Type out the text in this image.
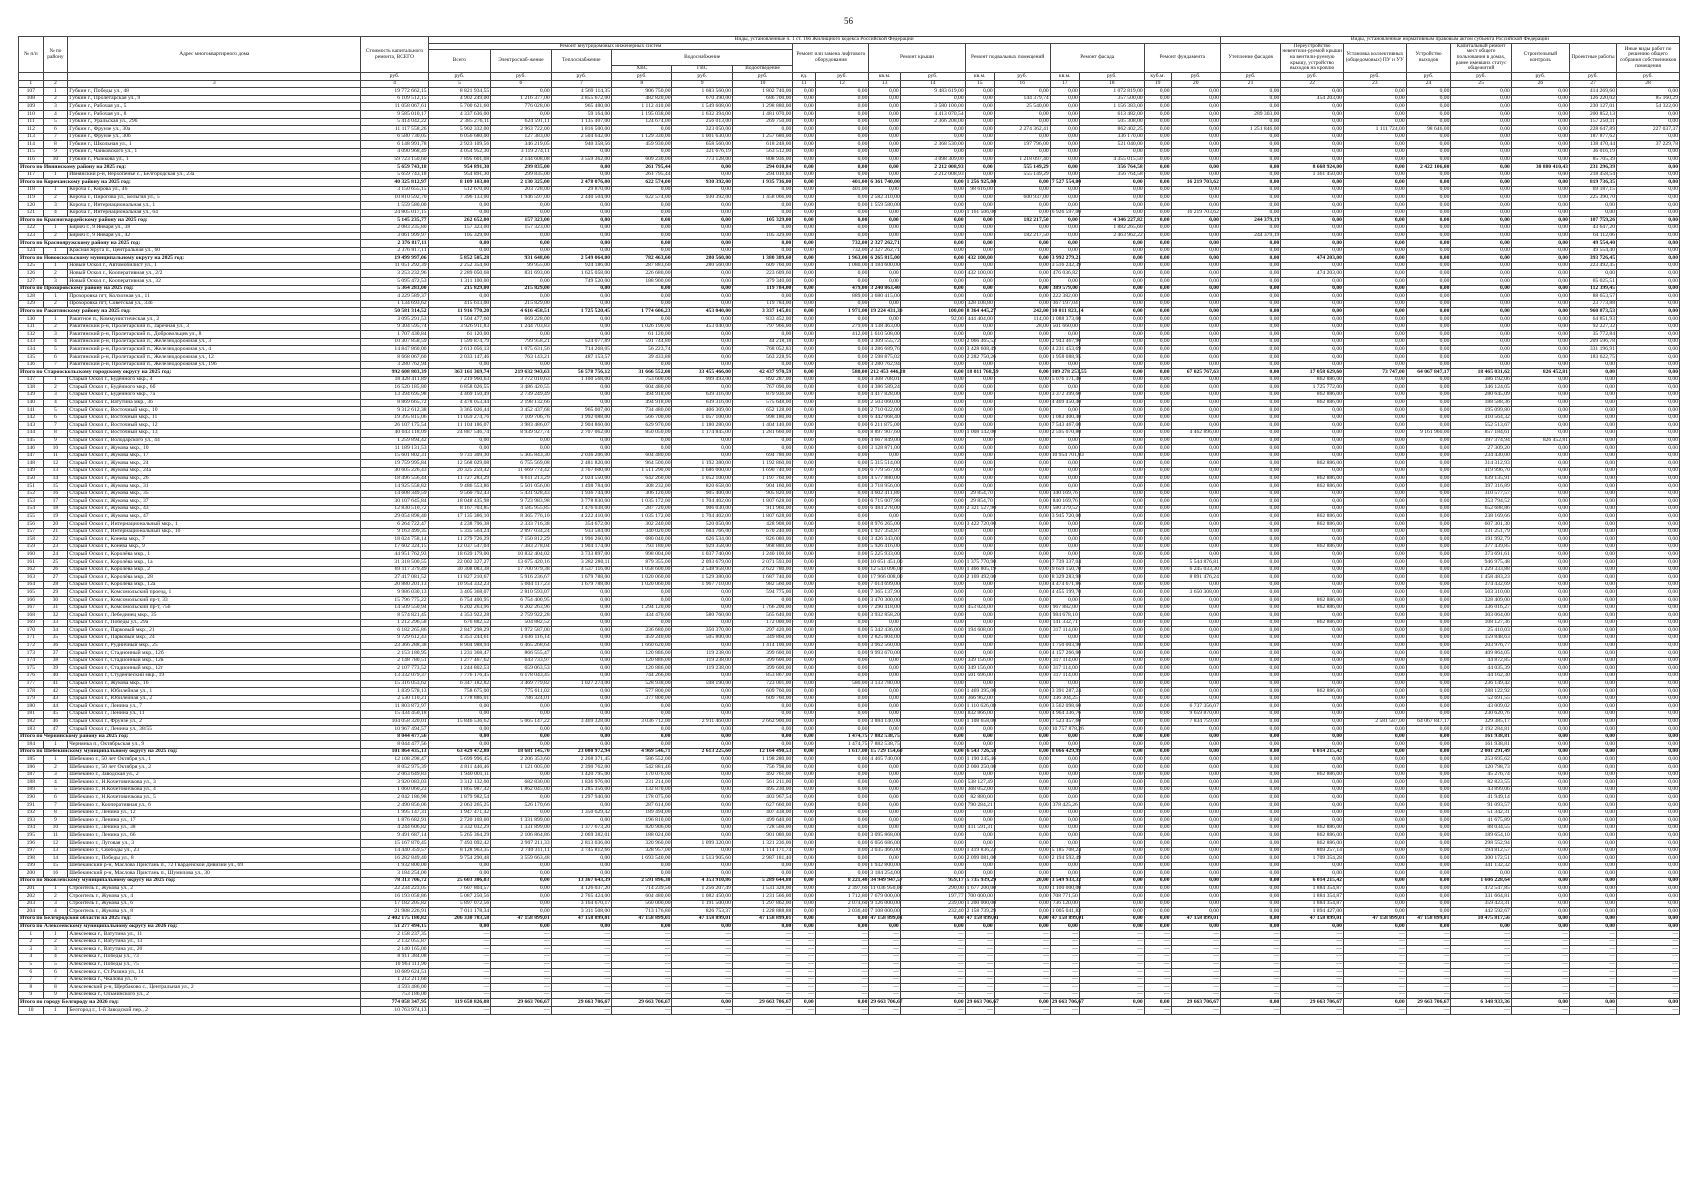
56
№ п/п	№ по району	Адрес многоквартирного дома	Стоимость капитального ремонта, ВСЕГО	Виды, установленные ч. 1 ст. 166 Жилищного кодекса Российской Федерации																Виды, установленные нормативным правовым актом субъекта Российской Федерации							
				Ремонт внутридомовых инженерных систем						Ремонт или замена лифтового оборудования		Ремонт крыши		Ремонт подвальных помещений		Ремонт фасада		Ремонт фундамента		Утепление фасадов	Переустройство невентили-руемой крыши на вентили-руемую крышу, устройство выходов на кровлю	Установка коллективных (общедомовых) ПУ и УУ	Устройство выходов	Капитальный ремонт мест общего пользования в домах, ранее имевших статус общежитий	Строительный контроль	Проектные работы	Иные виды работ по решению общего собрания собственников помещения
				Всего	Электроснаб-жение	Теплоснабжение	Водоснабжение																				
							ХВС	ГВС	Водоотведение																		
			руб.	руб.	руб.	руб.	руб.	руб.	руб.	ед.	руб.	кв.м.	руб.	кв.м.	руб.	кв.м.	руб.	куб.м.	руб.	руб.	руб.	руб.	руб.	руб.	руб.	руб.	руб.
1	2	3	4	5	6	7	8	9	10	11	12	13	14	15	16	17	18	19	20	21	22	23	24	25	26	27	28
107	1	Губкин г., Победы ул., 48	19 772 662,15	8 821 934,55	0,00	4 569 114,35	906 750,00	1 683 560,00	1 802 740,00	0,00	0,00	0,00	9 483 619,00	0,00	0,00	0,00	1 072 819,00	0,00	0,00	0,00	0,00	0,00	0,00	0,00	0,00	414 269,60	0,00
108	2	Губкин г., Пролетарская ул., 9	6 109 512,15	4 902 249,00	1 216 377,00	3 855 672,00	482 820,00	670 390,00	686 700,00	0,00	0,00	0,00	0,00	0,00	144 379,74	0,00	357 500,00	0,00	0,00	0,00	454 203,00	0,00	0,00	0,00	0,00	126 220,02	85 160,29
109	3	Губкин г., Рабочая ул., 5	11 058 067,61	5 700 621,60	776 028,00	965 480,00	1 112 410,00	1 549 608,00	1 298 880,00	0,00	0,00	0,00	3 580 100,00	0,00	25 540,00	0,00	1 156 383,00	0,00	0,00	0,00	0,00	0,00	0,00	0,00	0,00	230 127,01	54 322,00
110	4	Губкин г., Рабочая ул., 8	9 585 010,17	4 337 636,00	0,00	59 164,00	1 195 038,00	1 632 394,00	1 481 070,00	0,00	0,00	0,00	4 413 070,54	0,00	0,00	0,00	613 482,00	0,00	0,00	289 303,00	0,00	0,00	0,00	0,00	0,00	200 852,13	0,00
111	5	Губкин г., Уральская ул., 29б	5 414 042,22	2 385 276,11	624 591,11	1 135 407,00	124 674,00	256 013,00	269 750,00	0,00	0,00	0,00	2 366 208,00	0,00	0,00	0,00	505 308,00	0,00	0,00	0,00	0,00	0,00	0,00	0,00	0,00	157 250,11	0,00
112	6	Губкин г., Фрунзе ул., 30а	11 117 558,26	5 902 332,00	2 963 722,00	1 816 500,00	0,00	323 050,00	0,00	0,00	0,00	0,00	0,00	0,00	2 274 362,41	0,00	862 402,25	0,00	0,00	1 251 846,00	0,00	1 111 724,00	98 646,00	0,00	0,00	228 647,89	227 037,37
113	7	Губкин г., Фрунзе ул., 30б	6 580 730,05	6 056 680,00	127 383,00	2 504 642,00	1 129 330,00	1 001 630,00	1 257 680,00	0,00	0,00	0,00	0,00	0,00	0,00	0,00	336 170,00	0,00	0,00	0,00	0,00	0,00	0,00	0,00	0,00	187 877,62	0,00
114	8	Губкин г., Школьная ул., 1	6 148 991,78	2 923 109,56	346 219,05	940 358,56	459 930,00	658 560,00	618 248,00	0,00	0,00	0,00	2 368 530,00	0,00	197 796,00	0,00	521 040,00	0,00	0,00	0,00	0,00	0,00	0,00	0,00	0,00	138 470,44	37 229,78
115	9	Губкин г., Чайковского ул., 1	4 090 968,49	4 054 952,30	3 119 274,11	0,00	0,00	321 676,19	563 512,00	0,00	0,00	0,00	0,00	0,00	0,00	0,00	0,00	0,00	0,00	0,00	0,00	0,00	0,00	0,00	0,00	36 016,19	0,00
116	10	Губкин г., Рыжкова ул., 1	59 723 150,60	7 895 601,08	2 144 608,08	3 559 362,00	609 230,00	773 128,00	808 936,00	0,00	0,00	0,00	3 098 309,00	0,00	1 218 097,40	0,00	4 355 015,50	0,00	0,00	0,00	0,00	0,00	0,00	0,00	0,00	85 705,39	0,00
Итого по Ивнянскому району на 2025 год:			5 659 743,18	954 891,30	299 835,00	0,00	261 795,44	0,00	294 010,84	0,00	0,00	0,00	2 212 008,93	0,00	555 149,29	0,00	356 764,58	0,00	0,00	0,00	8 668 924,00	0,00	2 422 106,00	0,00	30 880 410,43	231 296,39	0,00
117	1	Ивнянский р-н, Верхопенье с., Белгородская ул., 23а	5 659 743,18	954 891,30	299 835,00	0,00	261 795,44	0,00	294 010,84	0,00	0,00	0,00	2 212 008,93	0,00	555 149,29	0,00	356 764,58	0,00	0,00	0,00	1 361 450,00	0,00	0,00	0,00	0,00	218 458,54	0,00
Итого по Корочанскому району на 2025 год:			40 325 812,97	8 109 103,00	2 130 325,00	2 478 076,00	622 574,00	930 392,00	1 935 736,00	0,00	401,00	6 361 740,00	0,00	1 256 925,00	0,00	7 527 554,00	0,00	0,00	16 219 703,62	0,00	0,00	0,00	0,00	0,00	0,00	819 736,35	0,00
118	1	Короча г., Кирова ул., 46	3 150 655,15	512 670,00	203 728,00	29 870,00	0,00	0,00	0,00	0,00	401,00	0,00	0,00	98 616,00	0,00	0,00	0,00	0,00	0,00	0,00	0,00	0,00	0,00	0,00	0,00	69 187,15	0,00
119	2	Короча г., Пирогова ул., Бельгия ул., 5	10 810 592,70	7 396 133,00	1 946 597,00	2 440 504,00	622 574,00	930 392,00	1 458 066,00	0,00	0,00	2 582 310,00	0,00	0,00	600 937,00	0,00	0,00	0,00	0,00	0,00	0,00	0,00	0,00	0,00	0,00	225 390,70	0,00
120	3	Короча г., Интернациональная ул., 1	1 559 580,00	0,00	0,00	0,00	0,00	0,00	0,00	0,00	0,00	1 559 580,00	0,00	0,00	0,00	0,00	0,00	0,00	0,00	0,00	0,00	0,00	0,00	0,00	0,00	0,00	0,00
121	4	Короча г., Интернациональная ул., 64	24 805 017,15	0,00	0,00	0,00	0,00	0,00	0,00	0,00	0,00	0,00	0,00	1 161 506,00	0,00	6 926 597,00	0,00	0,00	16 219 703,62	0,00	0,00	0,00	0,00	0,00	0,00	0,00	0,00
Итого по Красногвардейскому району на 2025 год:			5 145 235,77	262 652,00	157 323,00	0,00	0,00	0,00	105 329,00	0,00	0,00	0,00	0,00	0,00	182 217,50	0,00	4 346 227,82	0,00	0,00	244 379,19	0,00	0,00	0,00	0,00	0,00	107 759,26	0,00
122	1	Бирюч г., 9 Января ул., 38	2 083 235,80	157 323,00	157 323,00	0,00	0,00	0,00	0,00	0,00	0,00	0,00	0,00	0,00	0,00	0,00	1 882 265,60	0,00	0,00	0,00	0,00	0,00	0,00	0,00	0,00	43 647,20	0,00
123	2	Бирюч г., 9 Января ул., 42	3 061 999,97	105 329,00	0,00	0,00	0,00	0,00	105 329,00	0,00	0,00	0,00	0,00	0,00	182 217,50	0,00	2 463 962,22	0,00	0,00	244 379,19	0,00	0,00	0,00	0,00	0,00	64 112,06	0,00
Итого по Краснояружскому району на 2025 год:			2 376 817,11	0,00	0,00	0,00	0,00	0,00	0,00	0,00	732,00	2 327 262,71	0,00	0,00	0,00	0,00	0,00	0,00	0,00	0,00	0,00	0,00	0,00	0,00	0,00	49 554,40	0,00
124	1	Красная Яруга п., Центральная ул., 60	2 376 817,11	0,00	0,00	0,00	0,00	0,00	0,00	0,00	732,00	2 327 262,71	0,00	0,00	0,00	0,00	0,00	0,00	0,00	0,00	0,00	0,00	0,00	0,00	0,00	49 554,40	0,00
Итого по Новооскольскому муниципальному округу на 2025 год:			19 499 997,06	5 852 505,28	931 648,00	2 549 064,00	782 463,60	280 560,00	1 380 389,60	0,00	1 963,00	6 265 815,00	0,00	432 100,00	0,00	3 992 279,21	0,00	0,00	0,00	0,00	474 203,00	0,00	0,00	0,00	0,00	393 726,45	0,00
125	1	Новый Оскол г., Автомобилист ул., 1	11 051 292,39	2 252 354,60	99 955,00	924 186,00	287 883,60	280 560,00	609 760,00	0,00	1 080,00	4 184 600,00	0,00	0,00	0,00	3 516 242,39	0,00	0,00	0,00	0,00	0,00	0,00	0,00	0,00	0,00	223 492,45	0,00
126	2	Новый Оскол г., Кооперативная ул., 2/2	3 253 232,96	2 289 050,68	831 693,00	1 625 058,00	226 680,00	0,00	223 609,60	0,00	0,00	0,00	0,00	432 100,00	0,00	476 036,82	0,00	0,00	0,00	0,00	474 203,00	0,00	0,00	0,00	0,00	0,00	0,00
127	3	Новый Оскол г., Кооперативная ул., 32	5 095 472,53	1 311 100,00	0,00	749 520,00	188 900,00	0,00	379 340,00	0,00	0,00	0,00	0,00	0,00	0,00	0,00	0,00	0,00	0,00	0,00	0,00	0,00	0,00	0,00	0,00	65 025,51	0,00
Итого по Прохоровскому району на 2025 год:			5 364 283,00	215 829,00	215 829,00	0,00	0,00	0,00	119 784,00	0,00	479,00	3 240 863,40	0,00	0,00	0,00	389 579,00	0,00	0,00	0,00	0,00	0,00	0,00	0,00	0,00	0,00	112 399,45	0,00
128	1	Прохоровка пгт, Колхозная ул., 11	4 229 589,37	0,00	0,00	0,00	0,00	0,00	0,00	0,00	889,00	3 680 415,00	0,00	0,00	0,00	222 382,00	0,00	0,00	0,00	0,00	0,00	0,00	0,00	0,00	0,00	88 653,57	0,00
129	2	Прохоровка пгт, Советская ул., 33б	1 134 693,62	415 613,00	215 829,00	0,00	0,00	0,00	119 784,00	0,00	0,00	0,00	0,00	328 108,80	0,00	367 197,04	0,00	0,00	0,00	0,00	0,00	0,00	0,00	0,00	0,00	23 773,88	0,00
Итого по Ракитянскому району на 2025 год:			50 581 314,52	11 916 770,20	4 616 458,51	1 725 520,45	1 774 606,23	453 040,00	3 337 145,01	0,00	1 971,00	19 224 431,30	100,00	8 364 445,27	242,00	10 011 823,14	0,00	0,00	0,00	0,00	0,00	0,00	0,00	0,00	0,00	960 873,53	0,00
130	1	Ракитное п., Коммунистическая ул., 2	3 095 291,53	1 504 477,60	669 228,00	0,00	0,00	0,00	833 452,00	0,00	0,00	0,00	92,00	444 404,00	114,00	1 088 373,00	0,00	0,00	0,00	0,00	0,00	0,00	0,00	0,00	0,00	64 851,93	0,00
131	2	Ракитянский р-н, Пролетарский п., Заречная ул., 3	9 304 595,74	3 926 911,83	1 244 703,83	0,00	1 026 190,00	453 040,00	797 966,00	0,00	279,00	4 138 463,00	0,00	0,00	28,00	501 660,00	0,00	0,00	0,00	0,00	0,00	0,00	0,00	0,00	0,00	92 227,32	0,00
132	3	Ракитянский р-н, Пролетарский п., Добровольцев ул., 8	1 707 430,84	61 120,00	0,00	0,00	61 120,00	0,00	0,00	0,00	412,00	1 610 508,00	0,00	0,00	0,00	0,00	0,00	0,00	0,00	0,00	0,00	0,00	0,00	0,00	0,00	35 772,84	0,00
133	4	Ракитянский р-н, Пролетарский п., Железнодорожная ул., 3	10 307 858,59	1 599 874,79	799 958,21	524 077,89	591 744,80	0,00	44 218,18	0,00	0,00	3 309 555,72	0,00	2 066 465,52	0,00	2 943 467,90	0,00	0,00	0,00	0,00	0,00	0,00	0,00	0,00	0,00	209 596,78	0,00
134	5	Ракитянский р-н, Пролетарский п., Железнодорожная ул., 4	14 847 860,00	2 613 056,13	1 075 631,56	714 268,05	56 223,74	0,00	768 052,83	0,00	0,00	4 286 689,76	0,00	3 428 608,49	0,00	4 231 453,69	0,00	0,00	0,00	0,00	0,00	0,00	0,00	0,00	0,00	331 196,91	0,00
135	6	Ракитянский р-н, Пролетарский п., Железнодорожная ул., 12	8 668 067,60	2 033 147,46	763 143,21	487 153,57	39 433,88	0,00	563 228,95	0,00	0,00	2 598 875,02	0,00	2 282 750,26	0,00	1 958 088,95	0,00	0,00	0,00	0,00	0,00	0,00	0,00	0,00	0,00	183 622,75	0,00
136	7	Ракитянский р-н, Пролетарский п., Железнодорожная ул., 19б	3 280 762,94	0,00	0,00	0,00	0,00	0,00	0,00	0,00	0,00	3 280 762,94	0,00	0,00	0,00	0,00	0,00	0,00	0,00	0,00	0,00	0,00	0,00	0,00	0,00	0,00	0,00
Итого по Старооскольскому городскому округу на 2025 год:			992 608 803,39	363 161 369,74	219 632 943,63	56 578 756,12	31 666 552,00	33 455 466,00	42 437 970,59	0,00	580,00	212 453 446,20	0,00	18 011 768,59	0,00	109 278 253,55	0,00	0,00	67 025 767,63	0,00	17 058 629,60	73 747,00	64 067 847,17	18 465 031,62	826 452,81	0,00	0,00
137	1	Старый Оскол г., Будённого мкр., 4	18 428 411,89	7 219 960,63	3 772 010,63	1 100 568,00	753 600,00	999 493,00	892 287,00	0,00	0,00	4 308 708,01	0,00	0,00	0,00	5 076 171,40	0,00	0,00	0,00	0,00	862 886,00	0,00	0,00	386 192,06	0,00	0,00	0,00
138	2	Старый Оскол г., Будённого мкр., 6б	16 520 185,80	6 858 026,55	3 486 420,55	0,00	604 480,00	0,00	767 090,00	0,00	0,00	4 386 589,24	0,00	0,00	0,00	0,00	0,00	0,00	0,00	0,00	1 725 772,00	0,00	0,00	346 124,05	0,00	0,00	0,00
139	3	Старый Оскол г., Будённого мкр., 7а	13 394 695,98	4 469 150,49	2 739 249,49	0,00	494 918,00	639 316,00	879 936,00	0,00	0,00	4 417 828,00	0,00	0,00	0,00	3 372 399,60	0,00	0,00	0,00	0,00	862 886,00	0,00	0,00	280 645,09	0,00	0,00	0,00
140	4	Старый Оскол г., Ватутина мкр., 3б	8 869 665,72	4 478 053,44	2 198 132,66	0,00	494 918,00	639 316,00	575 648,00	0,00	0,00	2 503 060,00	0,00	0,00	0,00	4 469 450,40	0,00	0,00	0,00	0,00	862 886,00	0,00	0,00	188 588,36	0,00	0,00	0,00
141	5	Старый Оскол г., Восточный мкр., 10	9 312 612,38	3 365 026,44	3 452 437,68	965 007,00	734 480,00	406 309,00	652 128,00	0,00	0,00	2 710 022,00	0,00	0,00	0,00	0,00	0,00	0,00	0,00	0,00	0,00	0,00	0,00	195 099,80	0,00	0,00	0,00
142	6	Старый Оскол г., Восточный мкр., 11	19 395 815,06	11 059 274,76	7 109 706,76	1 992 088,00	566 700,00	1 057 100,00	998 180,00	0,00	0,00	6 442 068,40	0,00	0,00	0,00	1 083 400,40	0,00	0,00	0,00	0,00	0,00	0,00	0,00	410 564,32	0,00	0,00	0,00
143	7	Старый Оскол г., Восточный мкр., 12	26 107 175,54	11 104 186,07	3 983 486,07	2 904 860,00	629 970,00	1 180 280,00	1 404 140,00	0,00	0,00	6 211 875,00	0,00	0,00	0,00	7 543 467,00	0,00	0,00	0,00	0,00	0,00	0,00	0,00	552 513,67	0,00	0,00	0,00
144	8	Старый Оскол г., Восточный мкр., 13	40 043 118,09	24 887 546,74	8 939 927,74	2 707 062,00	850 050,00	1 174 845,00	1 281 660,00	0,00	0,00	8 897 907,60	0,00	1 008 142,00	0,00	2 595 070,80	0,00	0,00	4 462 896,00	0,00	0,00	0,00	9 161 960,00	857 184,61	0,00	0,00	0,00
145	9	Старый Оскол г., Володарского ул., 44	1 259 894,42	0,00	0,00	0,00	0,00	0,00	0,00	0,00	0,00	4 667 849,00	0,00	0,00	0,00	0,00	0,00	0,00	0,00	0,00	0,00	0,00	0,00	397 374,94	826 452,81	0,00	0,00
146	10	Старый Оскол г., Жукова мкр., 10	11 189 131,53	0,00	0,00	0,00	0,00	0,00	0,00	0,00	0,00	3 128 871,00	0,00	0,00	0,00	0,00	0,00	0,00	0,00	0,00	0,00	0,00	0,00	27 309,20	0,00	0,00	0,00
147	11	Старый Оскол г., Жукова мкр., 17	15 601 802,31	9 731 309,30	5 305 843,30	2 036 206,00	604 480,00	0,00	694 780,00	0,00	0,00	0,00	0,00	0,00	0,00	10 954 701,03	0,00	0,00	0,00	0,00	0,00	0,00	0,00	234 430,00	0,00	0,00	0,00
148	12	Старый Оскол г., Жукова мкр., 24	19 759 995,84	12 568 029,08	6 755 569,08	2 481 820,00	964 500,00	1 192 380,00	1 192 860,00	0,00	0,00	5 315 514,00	0,00	0,00	0,00	0,00	0,00	0,00	0,00	0,00	862 886,00	0,00	0,00	314 312,93	0,00	0,00	0,00
149	13	Старый Оскол г., Жукова мкр., 24а	30 605 226,43	20 325 259,42	11 669 774,42	3 767 600,00	1 511 290,00	1 686 000,00	1 690 740,00	0,00	0,00	6 779 567,00	0,00	0,00	0,00	0,00	0,00	0,00	0,00	0,00	0,00	0,00	0,00	419 996,70	0,00	0,00	0,00
150	14	Старый Оскол г., Жукова мкр., 26	18 496 556,44	11 727 283,29	6 611 213,29	2 024 550,00	642 260,00	1 052 100,00	1 197 760,00	0,00	0,00	4 577 880,00	0,00	0,00	0,00	0,00	0,00	0,00	0,00	0,00	862 886,00	0,00	0,00	639 135,91	0,00	0,00	0,00
151	15	Старый Оскол г., Жукова мкр., 31	14 925 558,82	9 486 553,86	5 501 056,00	1 498 784,00	308 232,00	820 658,00	904 160,00	0,00	0,00	3 718 956,00	0,00	0,00	0,00	0,00	0,00	0,00	0,00	0,00	862 886,00	0,00	0,00	397 316,89	0,00	0,00	0,00
152	16	Старый Оскол г., Жукова мкр., 35	14 608 349,59	9 560 792,43	5 431 928,43	1 936 744,00	306 120,00	905 400,00	905 820,00	0,00	0,00	4 602 411,80	0,00	29 854,70	0,00	340 169,76	0,00	0,00	0,00	0,00	0,00	0,00	0,00	310 577,57	0,00	0,00	0,00
153	17	Старый Оскол г., Жукова мкр., 37	30 107 645,84	18 048 435,98	9 723 983,98	3 778 830,00	1 035 172,00	1 704 402,00	1 807 628,00	0,00	0,00	6 715 007,98	0,00	29 854,70	0,00	840 169,76	0,00	0,00	0,00	0,00	0,00	0,00	0,00	353 794,52	0,00	0,00	0,00
154	18	Старый Оскол г., Жукова мкр., 43	12 830 510,72	8 167 703,85	4 585 955,85	1 476 038,00	287 720,00	906 030,00	911 960,00	0,00	0,00	6 484 278,00	0,00	2 321 527,90	0,00	580 379,52	0,00	0,00	0,00	0,00	0,00	0,00	0,00	652 688,86	0,00	0,00	0,00
155	19	Старый Оскол г., Жукова мкр., 47	29 054 898,40	17 135 386,10	8 365 776,10	4 222 410,00	1 035 172,00	1 704 402,00	1 807 628,00	0,00	0,00	0,00	0,00	0,00	0,00	3 945 720,00	0,00	0,00	0,00	0,00	862 886,00	0,00	0,00	238 169,66	0,00	0,00	0,00
156	20	Старый Оскол г., Интернациональный мкр., 1	6 264 722,47	4 238 796,38	2 333 716,38	354 672,00	302 240,00	520 050,00	428 908,00	0,00	0,00	8 976 265,00	0,00	3 422 720,00	0,00	0,00	0,00	0,00	0,00	0,00	862 886,00	0,00	0,00	607 301,30	0,00	0,00	0,00
157	21	Старый Оскол г., Интернациональный мкр., 10	9 163 499,35	5 335 564,24	2 897 034,24	933 584,00	340 020,00	684 766,00	670 240,00	0,00	0,00	1 927 354,87	0,00	0,00	0,00	0,00	0,00	0,00	0,00	0,00	0,00	0,00	0,00	131 251,79	0,00	0,00	0,00
158	22	Старый Оскол г., Конева мкр., 7	18 024 758,14	11 279 726,29	7 150 812,29	1 996 260,00	680 040,00	626 534,00	826 080,00	0,00	0,00	3 426 343,00	0,00	0,00	0,00	0,00	0,00	0,00	0,00	0,00	0,00	0,00	0,00	191 992,79	0,00	0,00	0,00
159	23	Старый Оскол г., Конева мкр., 9	17 602 324,15	12 037 547,04	7 383 278,04	1 904 174,00	793 180,00	929 358,00	968 880,00	0,00	0,00	5 926 416,00	0,00	0,00	0,00	0,00	0,00	0,00	0,00	0,00	862 886,00	0,00	0,00	377 439,85	0,00	0,00	0,00
160	24	Старый Оскол г., Королёва мкр., 1	44 951 762,93	18 639 179,00	10 832 404,02	3 733 897,00	998 004,00	1 037 740,00	1 240 100,00	0,00	0,00	5 225 933,00	0,00	0,00	0,00	0,00	0,00	0,00	0,00	0,00	0,00	0,00	0,00	373 691,61	0,00	0,00	0,00
161	25	Старый Оскол г., Королёва мкр., 1а	31 318 500,55	22 002 327,27	13 675 420,16	3 282 280,11	879 355,00	2 093 679,00	2 071 593,00	0,00	0,00	10 651 451,00	0,00	1 375 770,90	0,00	7 739 337,04	0,00	0,00	5 544 876,81	0,00	0,00	0,00	0,00	946 975,48	0,00	0,00	0,00
162	26	Старый Оскол г., Королёва мкр., 2	69 117 379,49	30 308 083,38	17 700 979,38	4 537 116,00	1 058 600,00	2 548 958,00	2 622 780,00	0,00	0,00	12 543 096,00	0,00	1 466 805,19	0,00	9 659 150,70	0,00	0,00	6 245 033,30	0,00	0,00	0,00	0,00	1 229 333,88	0,00	0,00	0,00
163	27	Старый Оскол г., Королёва мкр., 28	27 417 081,52	11 827 210,67	5 916 236,67	1 679 788,00	1 020 060,00	1 529 380,00	1 687 740,00	0,00	0,00	17 966 008,00	0,00	2 169 492,00	0,00	8 329 283,98	0,00	0,00	8 891 476,24	0,00	0,00	0,00	0,00	1 458 483,23	0,00	0,00	0,00
164	28	Старый Оскол г., Королёва мкр., 12а	20 880 201,13	10 954 332,23	5 004 117,23	1 679 788,00	1 020 060,00	1 967 710,00	982 560,00	0,00	0,00	7 014 699,00	0,00	0,00	0,00	4 474 671,86	0,00	0,00	0,00	0,00	0,00	0,00	0,00	374 432,69	0,00	0,00	0,00
165	29	Старый Оскол г., Комсомольский проезд, 1	9 986 030,13	3 405 368,07	2 810 593,07	0,00	0,00	0,00	594 775,00	0,00	0,00	7 365 137,90	0,00	0,00	0,00	4 455 199,70	0,00	0,00	3 650 308,00	0,00	0,00	0,00	0,00	503 310,00	0,00	0,00	0,00
166	30	Старый Оскол г., Комсомольский пр-т, 33	15 796 775,22	6 754 400,95	6 754 400,95	0,00	0,00	0,00	0,00	0,00	0,00	3 470 300,00	0,00	0,00	0,00	0,00	0,00	0,00	0,00	0,00	862 886,00	0,00	0,00	328 409,00	0,00	0,00	0,00
167	31	Старый Оскол г., Комсомольский пр-т, 75б	14 509 550,94	6 202 263,96	6 202 263,96	0,00	1 294 120,00	0,00	1 766 200,00	0,00	0,00	7 290 418,00	0,00	453 024,00	0,00	967 882,00	0,00	0,00	0,00	0,00	862 886,00	0,00	0,00	336 016,27	0,00	0,00	0,00
168	32	Старый Оскол г., Лебединец мкр., 35	8 574 821,45	4 353 922,28	2 759 922,28	0,00	434 470,00	580 760,00	565 640,00	0,00	0,00	3 932 858,20	0,00	0,00	0,00	984 678,10	0,00	0,00	0,00	0,00	0,00	0,00	0,00	303 064,00	0,00	0,00	0,00
169	33	Старый Оскол г., Победы ул., 29а	1 212 296,58	676 882,52	504 882,52	0,00	0,00	0,00	172 000,00	0,00	0,00	0,00	0,00	0,00	0,00	141 332,71	0,00	0,00	0,00	0,00	862 886,00	0,00	0,00	108 127,36	0,00	0,00	0,00
170	34	Старый Оскол г., Парковый мкр., 21	6 182 265,86	2 847 298,29	1 972 587,00	0,00	236 680,00	350 370,00	297 420,00	0,00	0,00	5 342 436,00	0,00	194 608,00	0,00	317 114,00	0,00	0,00	0,00	0,00	0,00	0,00	0,00	25 410,03	0,00	0,00	0,00
171	35	Старый Оскол г., Парковый мкр., 24	9 729 612,43	4 351 244,61	3 036 116,14	0,00	459 240,00	505 800,00	349 860,00	0,00	0,00	2 825 804,00	0,00	0,00	0,00	0,00	0,00	0,00	0,00	0,00	0,00	0,00	0,00	159 848,63	0,00	0,00	0,00
172	36	Старый Оскол г., Рудничный мкр., 25	23 366 288,38	8 904 988,94	6 465 268,64	0,00	1 660 620,00	0,00	1 414 100,00	0,00	0,00	3 962 560,00	0,00	0,00	0,00	1 750 003,90	0,00	0,00	0,00	0,00	0,00	0,00	0,00	203 976,77	0,00	0,00	0,00
173	37	Старый Оскол г., Стадионный мкр., 12б	2 153 180,95	1 231 368,47	866 555,47	0,00	120 886,00	119 238,00	399 600,00	0,00	0,00	9 993 670,00	0,00	0,00	0,00	4 157 266,00	0,00	0,00	0,00	0,00	0,00	0,00	0,00	409 864,05	0,00	0,00	0,00
174	38	Старый Оскол г., Стадионный мкр., 12в	2 148 780,51	1 277 467,62	643 733,97	0,00	120 886,00	119 238,00	399 600,00	0,00	0,00	0,00	0,00	339 156,00	0,00	317 114,00	0,00	0,00	0,00	0,00	0,00	0,00	0,00	44 872,85	0,00	0,00	0,00
175	39	Старый Оскол г., Стадионный мкр., 12г	2 107 773,52	1 244 802,53	659 063,53	0,00	120 886,00	119 238,00	399 600,00	0,00	0,00	0,00	0,00	349 156,00	0,00	317 114,00	0,00	0,00	0,00	0,00	0,00	0,00	0,00	44 035,39	0,00	0,00	0,00
176	40	Старый Оскол г., Студенческий мкр., 19	13 332 079,37	7 776 176,45	6 178 043,45	0,00	744 266,00	0,00	853 867,00	0,00	0,00	0,00	0,00	501 696,00	0,00	317 114,00	0,00	0,00	0,00	0,00	0,00	0,00	0,00	44 162,30	0,00	0,00	0,00
177	41	Старый Оскол г., Жукова мкр., 16	15 316 053,62	6 347 182,82	3 469 779,82	1 027 274,00	528 938,00	598 190,00	723 001,00	0,00	580,00	3 133 780,00	0,00	0,00	0,00	0,00	0,00	0,00	0,00	0,00	0,00	0,00	0,00	236 149,42	0,00	0,00	0,00
178	42	Старый Оскол г., Юбилейная ул., 1	1 839 578,13	758 675,00	775 611,02	0,00	577 800,00	0,00	609 760,00	0,00	0,00	0,00	0,00	1 469 395,00	0,00	3 391 287,24	0,00	0,00	0,00	0,00	862 886,00	0,00	0,00	288 122,92	0,00	0,00	0,00
179	43	Старый Оскол г., Юбилейная ул., 2	2 530 110,21	1 778 886,01	786 324,01	0,00	377 800,00	0,00	609 760,00	0,00	0,00	0,00	0,00	366 962,00	0,00	336 304,25	0,00	0,00	0,00	0,00	0,00	0,00	0,00	52 691,55	0,00	0,00	0,00
180	44	Старый Оскол г., Ленина ул., 7	11 803 872,97	0,00	0,00	0,00	0,00	0,00	0,00	0,00	0,00	0,00	0,00	1 110 626,00	0,00	3 562 098,60	0,00	0,00	6 737 356,07	0,00	0,00	0,00	0,00	43 009,02	0,00	0,00	0,00
181	45	Старый Оскол г., Ленина ул., 11	15 434 450,18	0,00	0,00	0,00	0,00	0,00	0,00	0,00	0,00	0,00	0,00	832 866,00	0,00	4 964 336,76	0,00	0,00	9 659 870,00	0,00	0,00	0,00	0,00	230 620,76	0,00	0,00	0,00
182	46	Старый Оскол г., Фрунзе ул., 2	104 058 320,01	15 846 536,62	5 065 147,22	3 469 328,00	3 036 712,00	2 911 460,00	2 662 900,00	0,00	0,00	3 884 140,00	0,00	1 108 658,00	0,00	7 523 457,60	0,00	0,00	7 834 759,00	0,00	0,00	2 581 587,00	64 067 847,17	329 385,17	0,00	0,00	0,00
183	47	Старый Оскол г., Ленина ул., 38/55	10 967 494,57	0,00	0,00	0,00	0,00	0,00	0,00	0,00	0,00	0,00	0,00	0,00	0,00	10 757 878,26	0,00	0,00	0,00	0,00	0,00	0,00	0,00	2 192 284,81	0,00	0,00	0,00
Итого по Чернянскому району на 2025 год:			8 044 477,56	0,00	0,00	0,00	0,00	0,00	0,00	0,00	1 474,75	7 882 538,75	0,00	0,00	0,00	0,00	0,00	0,00	0,00	0,00	0,00	0,00	0,00	161 938,81	0,00	0,00	0,00
184	1	Чернянка п., Октябрьская ул., 9	8 044 477,56	0,00	0,00	0,00	0,00	0,00	0,00	0,00	1 474,75	7 882 538,75	0,00	0,00	0,00	0,00	0,00	0,00	0,00	0,00	0,00	0,00	0,00	161 938,81	0,00	0,00	0,00
Итого по Шебекинскому муниципальному округу на 2025 год:			101 864 435,13	63 429 472,80	18 681 145,70	23 000 972,94	4 969 546,71	2 613 225,60	12 164 490,53	0,00	1 617,00	15 729 154,60	0,00	6 543 726,58	0,00	8 066 429,99	0,00	0,00	0,00	0,00	6 014 215,42	0,00	0,00	2 001 291,49	0,00	0,00	0,00
185	1	Шебекино г., 50 лет Октября ул., 1	12 108 298,47	5 699 996,45	2 206 353,60	2 268 371,45	586 552,00	0,00	1 198 280,00	0,00	0,00	4 465 740,00	0,00	1 190 245,46	0,00	0,00	0,00	0,00	0,00	0,00	0,00	0,00	0,00	253 695,62	0,00	0,00	0,00
186	2	Шебекино г., 50 лет Октября ул., 2	8 052 975,39	4 811 446,46	1 121 005,00	2 390 762,00	542 881,46	0,00	756 798,00	0,00	0,00	0,00	0,00	2 000 250,00	0,00	0,00	0,00	0,00	0,00	0,00	0,00	0,00	0,00	120 798,73	0,00	0,00	0,00
187	3	Шебекино г., Заводская ул., 2	2 063 649,83	1 940 001,11	0,00	1 420 795,00	170 076,00	0,00	492 761,00	0,00	0,00	0,00	0,00	0,00	0,00	0,00	0,00	0,00	0,00	0,00	862 886,00	0,00	0,00	45 276,74	0,00	0,00	0,00
188	4	Шебекино г., Н.Кочетовичкова ул., 3	3 920 083,03	3 312 132,00	682 830,00	1 836 976,00	231 214,00	0,00	561 211,00	0,00	0,00	0,00	0,00	538 127,49	0,00	0,00	0,00	0,00	0,00	0,00	0,00	0,00	0,00	82 823,55	0,00	0,00	0,00
189	5	Шебекино г., Н.Кочетовичкова ул., 4	1 060 060,23	1 865 987,42	1 862 045,00	1 285 356,00	132 870,00	0,00	495 230,00	0,00	0,00	0,00	0,00	368 052,00	0,00	0,00	0,00	0,00	0,00	0,00	0,00	0,00	0,00	43 899,06	0,00	0,00	0,00
190	6	Шебекино г., Н.Кочетовичкова ул., 5	2 042 186,98	1 879 982,54	0,00	1 297 940,00	178 075,00	0,00	403 967,54	0,00	0,00	0,00	0,00	82 880,00	0,00	0,00	0,00	0,00	0,00	0,00	0,00	0,00	0,00	41 949,14	0,00	0,00	0,00
191	7	Шебекино г., Кооперативная ул., 6	2 490 856,06	2 063 265,25	526 170,66	0,00	287 614,00	0,00	627 660,00	0,00	0,00	0,00	0,00	790 284,21	0,00	378 425,26	0,00	0,00	0,00	0,00	0,00	0,00	0,00	91 093,57	0,00	0,00	0,00
192	8	Шебекино г., Ленина ул., 12	1 995 147,31	1 947 471,42	0,00	1 350 629,42	189 494,00	0,00	407 438,00	0,00	0,00	0,00	0,00	0,00	0,00	0,00	0,00	0,00	0,00	0,00	0,00	0,00	0,00	51 342,31	0,00	0,00	0,00
193	9	Шебекино г., Ленина ул., 17	1 876 682,91	2 720 169,00	1 331 899,00	0,00	196 810,00	0,00	499 640,00	0,00	0,00	0,00	0,00	0,00	0,00	0,00	0,00	0,00	0,00	0,00	0,00	0,00	0,00	41 675,89	0,00	0,00	0,00
194	10	Шебекино г., Ленина ул., 38	4 244 606,82	3 332 032,29	1 331 899,00	1 377 673,20	820 906,00	0,00	728 560,00	0,00	0,00	0,00	0,00	411 591,31	0,00	0,00	0,00	0,00	0,00	0,00	862 886,00	0,00	0,00	88 034,55	0,00	0,00	0,00
195	11	Шебекино г., Ленина ул., 66	9 491 687,14	5 265 364,29	2 106 864,86	2 069 382,01	188 024,00	0,00	901 080,00	0,00	0,00	3 095 868,00	0,00	0,00	0,00	0,00	0,00	0,00	0,00	0,00	862 886,00	0,00	0,00	189 654,10	0,00	0,00	0,00
196	12	Шебекино г., Луговая ул., 3	15 167 870,45	7 493 092,42	2 907 211,33	2 813 036,00	320 960,00	1 099 320,00	1 321 236,00	0,00	0,00	6 056 686,00	0,00	0,00	0,00	0,00	0,00	0,00	0,00	0,00	862 886,00	0,00	0,00	298 552,94	0,00	0,00	0,00
197	13	Шебекино г., Свободы ул., 23	14 440 359,57	8 128 963,35	2 740 311,11	3 745 812,66	328 957,00	0,00	1 114 171,74	0,00	0,00	3 035 466,00	0,00	1 419 836,22	0,00	5 185 708,24	0,00	0,00	0,00	0,00	869 257,14	0,00	0,00	194 812,57	0,00	0,00	0,00
198	14	Шебекино г., Победы ул., 8	16 282 849,40	9 754 290,48	3 559 663,48	0,00	1 693 540,00	1 513 905,60	2 987 181,40	0,00	0,00	0,00	0,00	2 099 081,00	0,00	2 194 592,49	0,00	0,00	0,00	0,00	1 709 354,28	0,00	0,00	300 172,51	0,00	0,00	0,00
199	15	Шебекинский р-н, Маслова Пристань п., 72 Гвардейской Дивизии ул., 69	1 932 800,00	0,00	0,00	0,00	0,00	0,00	0,00	0,00	0,00	1 932 800,00	0,00	0,00	0,00	0,00	0,00	0,00	0,00	0,00	0,00	0,00	0,00	341 132,32	0,00	0,00	0,00
200	16	Шебекинский р-н, Маслова Пристань п., Шумилова ул., 30	3 184 254,00	0,00	0,00	0,00	0,00	0,00	0,00	0,00	0,00	3 184 254,00	0,00	0,00	0,00	0,00	0,00	0,00	0,00	0,00	0,00	0,00	0,00	0,00	0,00	0,00	0,00
Итого по Яковлевскому муниципальному округу на 2025 год:			78 313 706,72	25 603 306,03	0,00	13 367 643,39	2 591 896,30	4 353 910,86	5 289 644,88	0,00	8 221,40	34 949 947,57	959,17	5 735 939,29	20,00	3 549 933,32	0,00	0,00	0,00	0,00	6 014 215,42	0,00	0,00	1 606 228,64	0,00	0,00	0,00
201	1	Строитель г., Жукова ул., 2	22 234 223,05	7 607 804,57	0,00	4 126 037,20	714 239,50	1 256 207,49	1 531 328,00	0,00	2 397,60	11 036 950,00	290,00	1 677 200,00	0,00	1 100 000,00	0,00	0,00	0,00	0,00	1 884 354,87	0,00	0,00	472 547,85	0,00	0,00	0,00
202	2	Строитель г., Жукова ул., 4	16 193 058,86	5 087 250,56	0,00	2 765 424,00	604 480,00	1 082 450,00	1 231 566,00	0,00	1 712,80	7 679 000,00	197,77	700 000,00	0,00	708 771,50	0,00	0,00	0,00	0,00	1 884 354,87	0,00	0,00	331 664,81	0,00	0,00	0,00
203	3	Строитель г., Жукова ул., 6	17 182 205,82	5 897 072,56	0,00	3 164 670,17	560 000,00	1 191 500,00	1 297 862,00	0,00	2 074,60	9 126 000,00	239,00	1 200 000,00	0,00	736 120,00	0,00	0,00	0,00	0,00	1 884 354,87	0,00	0,00	359 423,31	0,00	0,00	0,00
204	4	Строитель г., Жукова ул., 8	21 988 226,91	7 011 178,34	0,00	3 311 508,00	713 176,80	826 753,37	1 228 888,88	0,00	2 036,40	7 108 000,00	232,40	2 158 739,29	0,00	1 005 041,82	0,00	0,00	0,00	0,00	1 894 427,00	0,00	0,00	442 592,67	0,00	0,00	0,00
Итого по Белгородской области на 2025 год:			2 402 175 180,82	206 330 783,58	47 158 899,01	47 158 899,01	47 158 899,01	47 158 899,01	47 158 899,01	0,00	0,00	47 158 899,01	0,00	47 158 899,01	0,00	47 158 899,01	0,00	0,00	47 158 899,01	0,00	47 158 899,01	47 158 899,01	47 158 899,01	10 475 817,56	0,00	0,00	0,00
Итого по Алексеевскому муниципальному округу на 2026 год:			51 277 494,15	0,00	0,00	0,00	0,00	0,00	0,00	0,00	0,00	0,00	0,00	0,00	0,00	0,00	0,00	0,00	0,00	0,00	0,00	0,00	0,00	0,00	0,00	0,00	0,00
1	1	Алексеевка г., Ватутина ул., 11	2 158 237,35	—	—	—	—	—	—	—	—	—	—	—	—	—	—	—	—	—	—	—	—	—	—	—	—
2	2	Алексеевка г., Ватутина ул., 13	2 132 055,87	—	—	—	—	—	—	—	—	—	—	—	—	—	—	—	—	—	—	—	—	—	—	—	—
3	3	Алексеевка г., Ватутина ул., 20	2 140 165,00	—	—	—	—	—	—	—	—	—	—	—	—	—	—	—	—	—	—	—	—	—	—	—	—
4	4	Алексеевка г., Победы ул., 73	8 911 384,08	—	—	—	—	—	—	—	—	—	—	—	—	—	—	—	—	—	—	—	—	—	—	—	—
5	5	Алексеевка г., Победы ул., 75	10 963 111,90	—	—	—	—	—	—	—	—	—	—	—	—	—	—	—	—	—	—	—	—	—	—	—	—
6	6	Алексеевка г., Ст.Разина ул., 14	10 689 624,51	—	—	—	—	—	—	—	—	—	—	—	—	—	—	—	—	—	—	—	—	—	—	—	—
7	7	Алексеевка г., Чкалова ул., 6	1 212 211,60	—	—	—	—	—	—	—	—	—	—	—	—	—	—	—	—	—	—	—	—	—	—	—	—
8	8	Алексеевский р-н, Щербаково с., Центральная ул., 2	4 593 486,00	—	—	—	—	—	—	—	—	—	—	—	—	—	—	—	—	—	—	—	—	—	—	—	—
9	9	Алексеевка г., Ольминского ул., 2	753 186,00	—	—	—	—	—	—	—	—	—	—	—	—	—	—	—	—	—	—	—	—	—	—	—	—
Итого по городу Белгороду на 2026 год:			774 058 347,95	119 658 826,08	29 663 706,67	29 663 706,67	29 663 706,67	0,00	29 663 706,67	0,00	0,00	29 663 706,67	0,00	29 663 706,67	0,00	29 663 706,67	0,00	0,00	29 663 706,67	0,00	29 663 706,67	0,00	29 663 706,67	6 348 933,36	0,00	0,00	0,00
10	1	Белгород г., 1-й Заводской пер., 2	10 763 974,13	—	—	—	—	—	—	—	—	—	—	—	—	—	—	—	—	—	—	—	—	—	—	—	—
